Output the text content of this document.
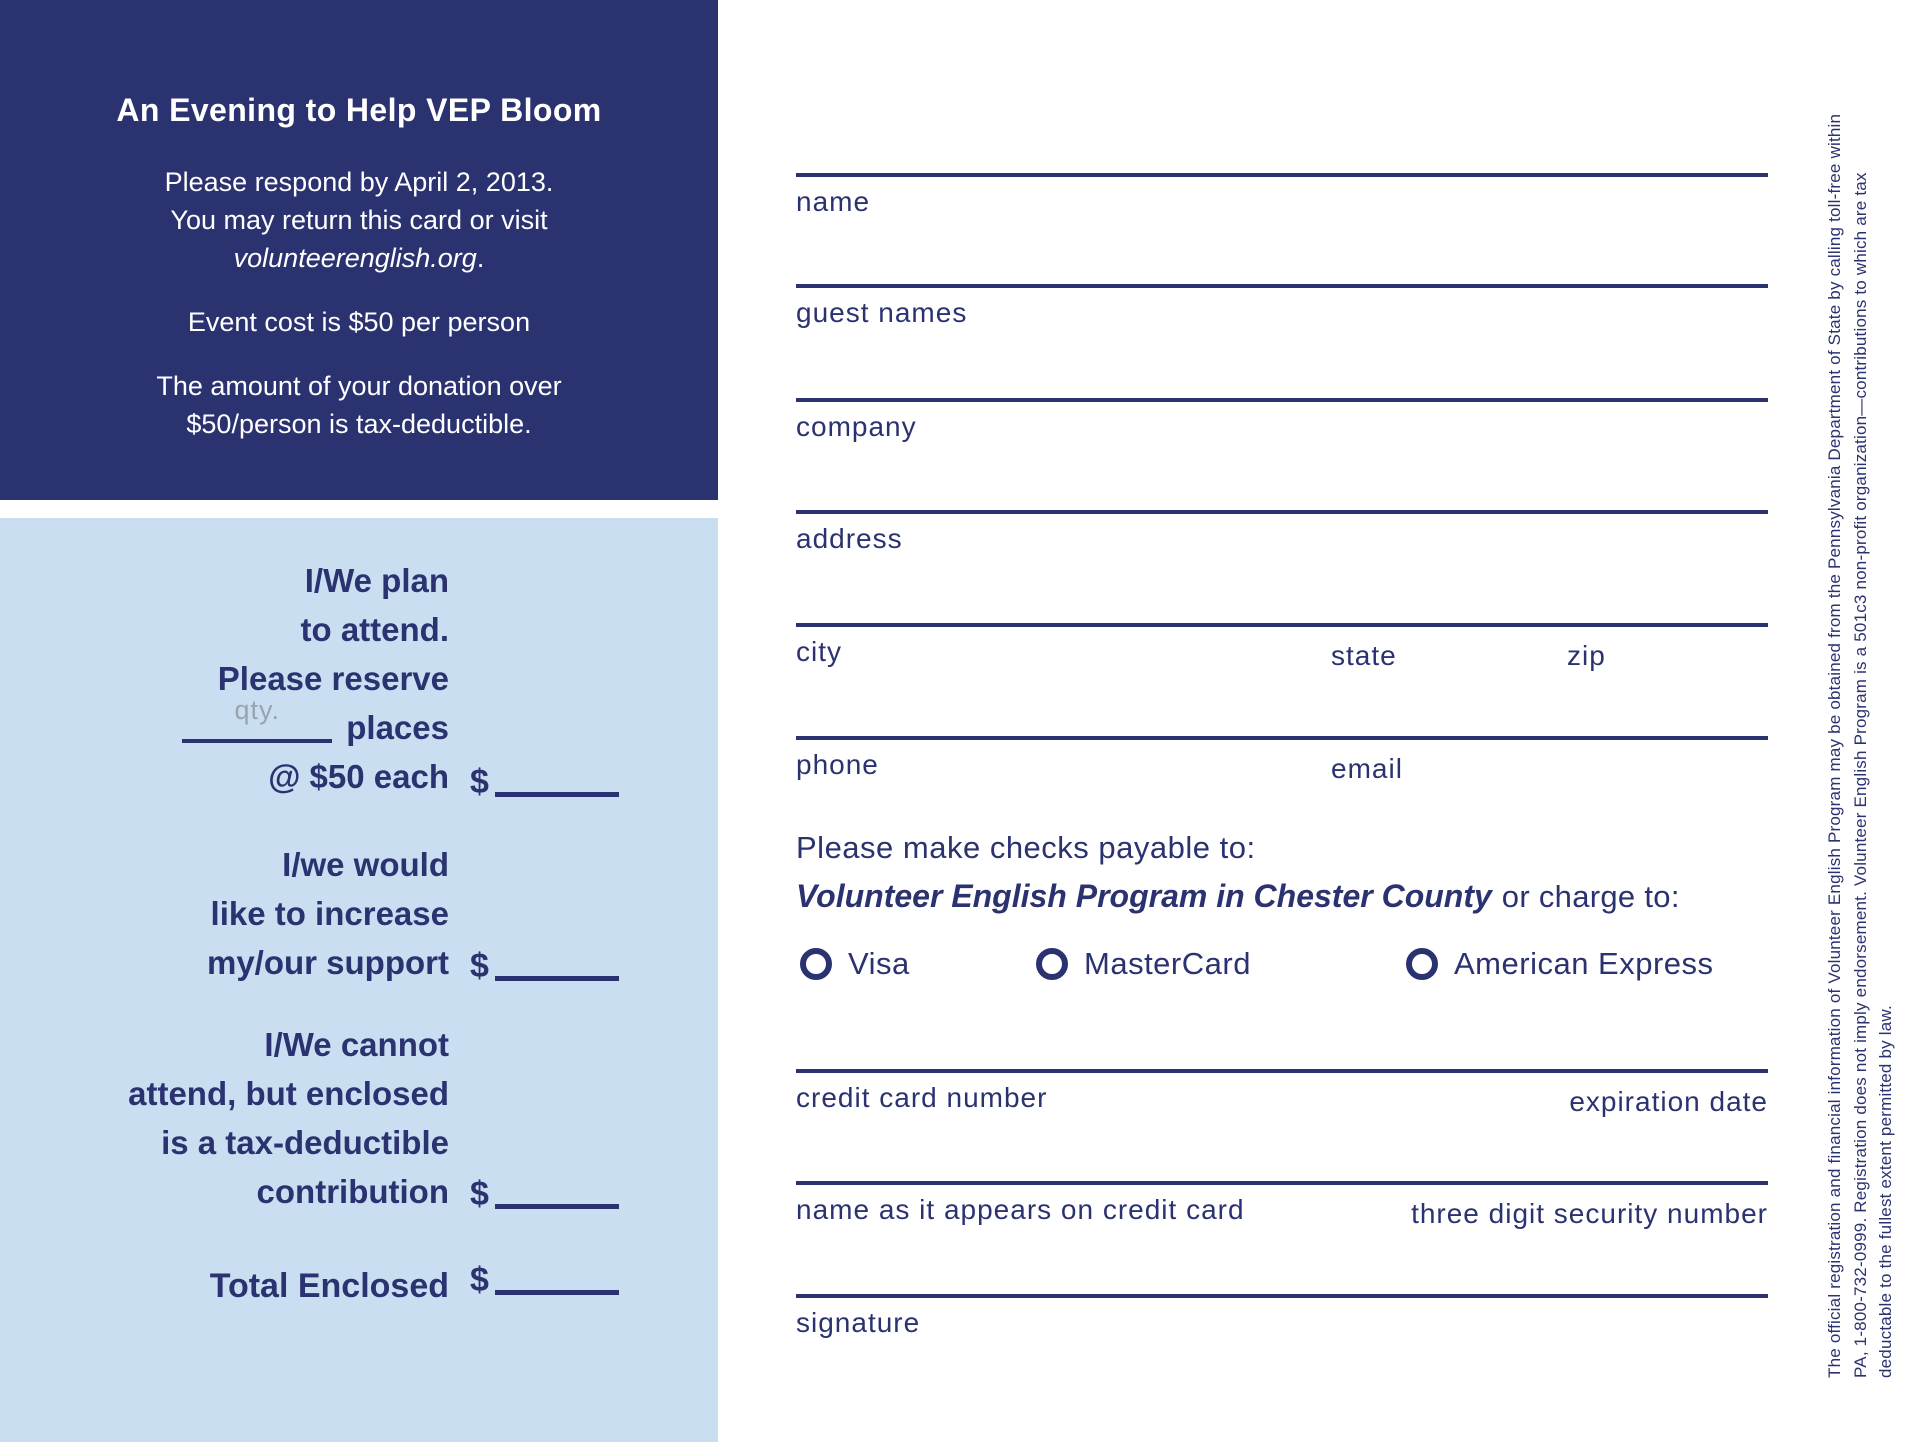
An Evening to Help VEP Bloom
Please respond by April 2, 2013.
You may return this card or visit
volunteerenglish.org.
Event cost is $50 per person
The amount of your donation over
$50/person is tax-deductible.
I/We plan
to attend.
Please reserve
qty.	places
@ $50 each $
I/we would
like to increase
my/our support $
I/We cannot
attend, but enclosed
is a tax-deductible
contribution $
Total Enclosed $
name
guest names
company
address
city	state	zip
phone	email
Please make checks payable to:
Volunteer English Program in Chester County or charge to:
Visa	MasterCard	American Express
credit card number	expiration date
name as it appears on credit card	three digit security number
signature	The official registration and financial information of Volunteer English Program may be obtained from the Pennsylvania Department of State by calling toll-free within PA, 1-800-732-0999. Registration does not imply endorsement. Volunteer English Program is a 501c3 non-profit organization—contributions to which are tax deductable to the fullest extent permitted by law.
